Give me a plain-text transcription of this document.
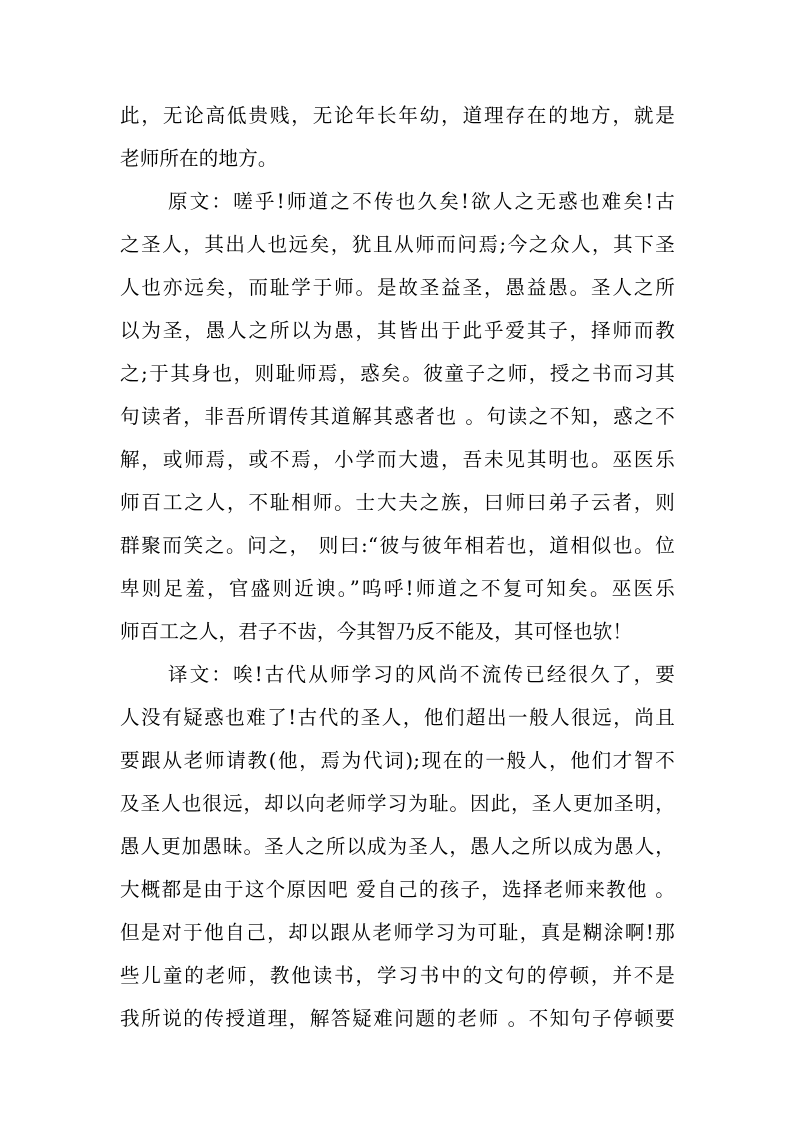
此，无论高低贵贱，无论年长年幼，道理存在的地方，就是
老师所在的地方。
原文：嗟乎!师道之不传也久矣!欲人之无惑也难矣!古
之圣人，其出人也远矣，犹且从师而问焉;今之众人，其下圣
人也亦远矣，而耻学于师。是故圣益圣，愚益愚。圣人之所
以为圣，愚人之所以为愚，其皆出于此乎爱其子，择师而教
之;于其身也，则耻师焉，惑矣。彼童子之师，授之书而习其
句读者，非吾所谓传其道解其惑者也 。句读之不知，惑之不
解，或师焉，或不焉，小学而大遗，吾未见其明也。巫医乐
师百工之人，不耻相师。士大夫之族，曰师曰弟子云者，则
群聚而笑之。问之， 则曰:“彼与彼年相若也，道相似也。位
卑则足羞，官盛则近谀。”呜呼!师道之不复可知矣。巫医乐
师百工之人，君子不齿，今其智乃反不能及，其可怪也欤！
译文：唉!古代从师学习的风尚不流传已经很久了，要
人没有疑惑也难了!古代的圣人，他们超出一般人很远，尚且
要跟从老师请教(他，焉为代词);现在的一般人，他们才智不
及圣人也很远，却以向老师学习为耻。因此，圣人更加圣明，
愚人更加愚昧。圣人之所以成为圣人，愚人之所以成为愚人，
大概都是由于这个原因吧 爱自己的孩子，选择老师来教他 。
但是对于他自己，却以跟从老师学习为可耻，真是糊涂啊!那
些儿童的老师，教他读书，学习书中的文句的停顿，并不是
我所说的传授道理，解答疑难问题的老师 。不知句子停顿要
